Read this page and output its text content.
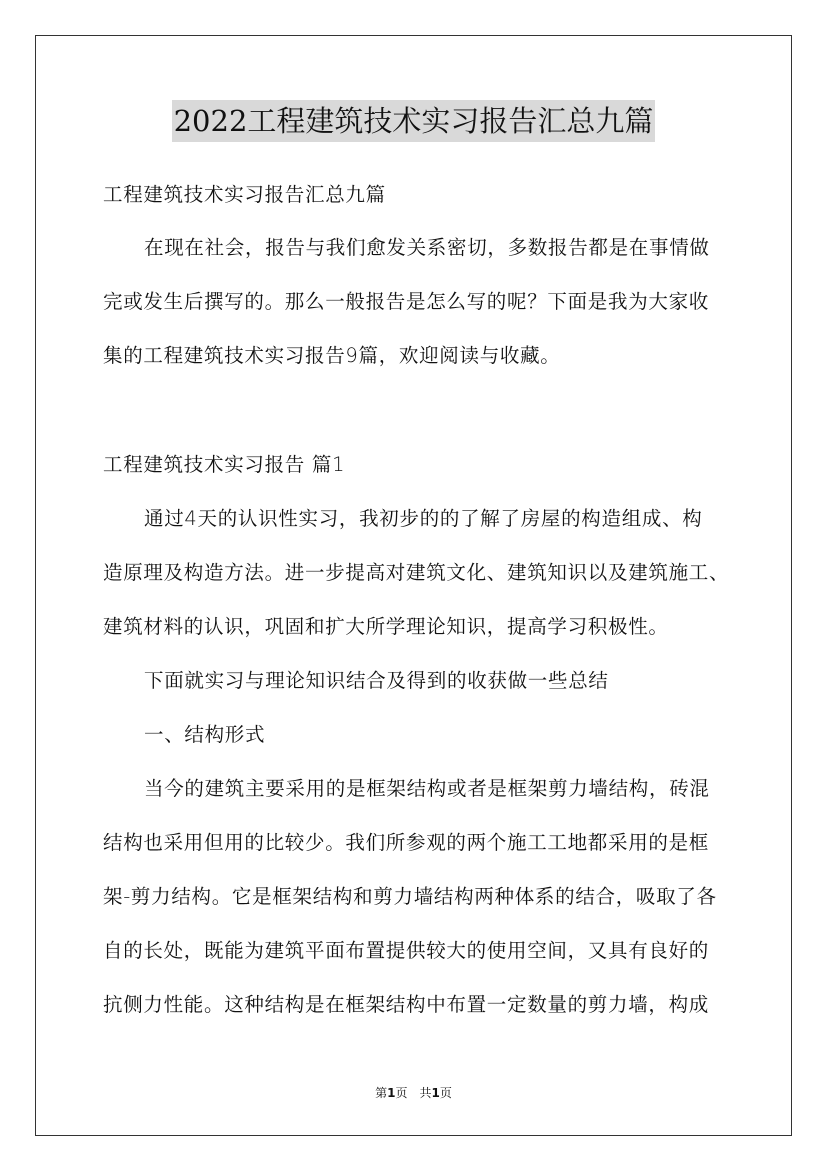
2022工程建筑技术实习报告汇总九篇
工程建筑技术实习报告汇总九篇
在现在社会，报告与我们愈发关系密切，多数报告都是在事情做
完或发生后撰写的。那么一般报告是怎么写的呢？下面是我为大家收
集的工程建筑技术实习报告9篇，欢迎阅读与收藏。
工程建筑技术实习报告 篇1
通过4天的认识性实习，我初步的的了解了房屋的构造组成、构
造原理及构造方法。进一步提高对建筑文化、建筑知识以及建筑施工、
建筑材料的认识，巩固和扩大所学理论知识，提高学习积极性。
下面就实习与理论知识结合及得到的收获做一些总结
一、结构形式
当今的建筑主要采用的是框架结构或者是框架剪力墙结构，砖混
结构也采用但用的比较少。我们所参观的两个施工工地都采用的是框
架-剪力结构。它是框架结构和剪力墙结构两种体系的结合，吸取了各
自的长处，既能为建筑平面布置提供较大的使用空间，又具有良好的
抗侧力性能。这种结构是在框架结构中布置一定数量的剪力墙，构成
第1页　共1页
